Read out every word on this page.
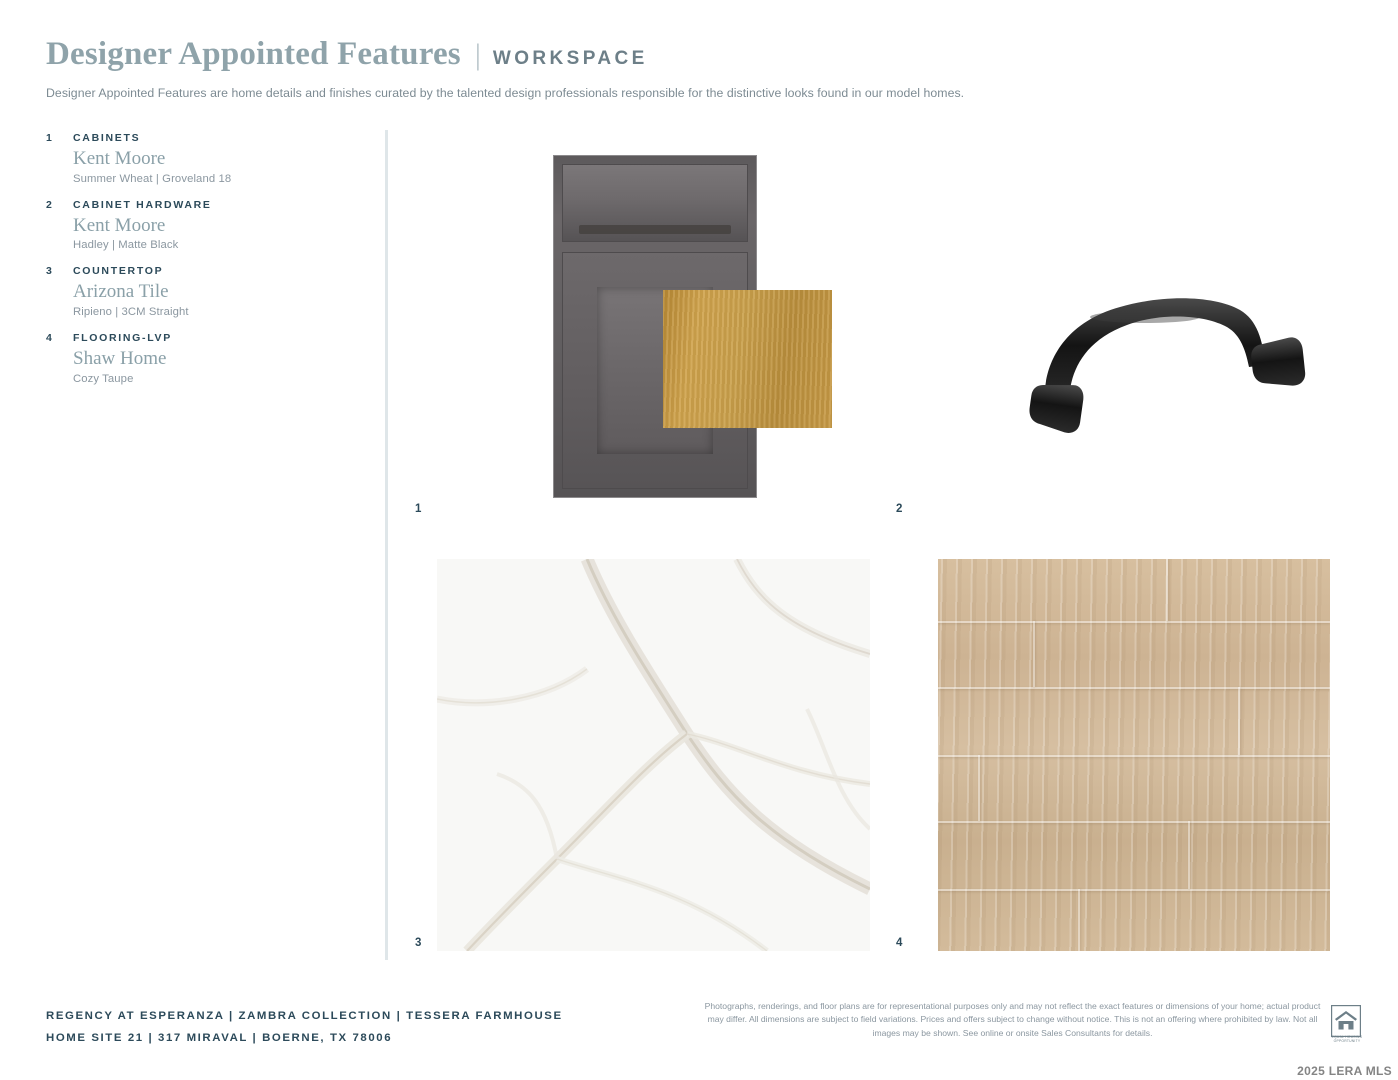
Designer Appointed Features | WORKSPACE
Designer Appointed Features are home details and finishes curated by the talented design professionals responsible for the distinctive looks found in our model homes.
1	CABINETS
Kent Moore
Summer Wheat | Groveland 18
2	CABINET HARDWARE
Kent Moore
Hadley | Matte Black
3	COUNTERTOP
Arizona Tile
Ripieno | 3CM Straight
4	FLOORING-LVP
Shaw Home
Cozy Taupe
1	2
3	4
REGENCY AT ESPERANZA | ZAMBRA COLLECTION | TESSERA FARMHOUSE
HOME SITE 21 | 317 MIRAVAL | BOERNE, TX 78006
Photographs, renderings, and floor plans are for representational purposes only and may not reflect the exact features or dimensions of your home; actual product may differ. All dimensions are subject to field variations. Prices and offers subject to change without notice. This is not an offering where prohibited by law. Not all images may be shown. See online or onsite Sales Consultants for details.	EQUAL HOUSING OPPORTUNITY
2025 LERA MLS
